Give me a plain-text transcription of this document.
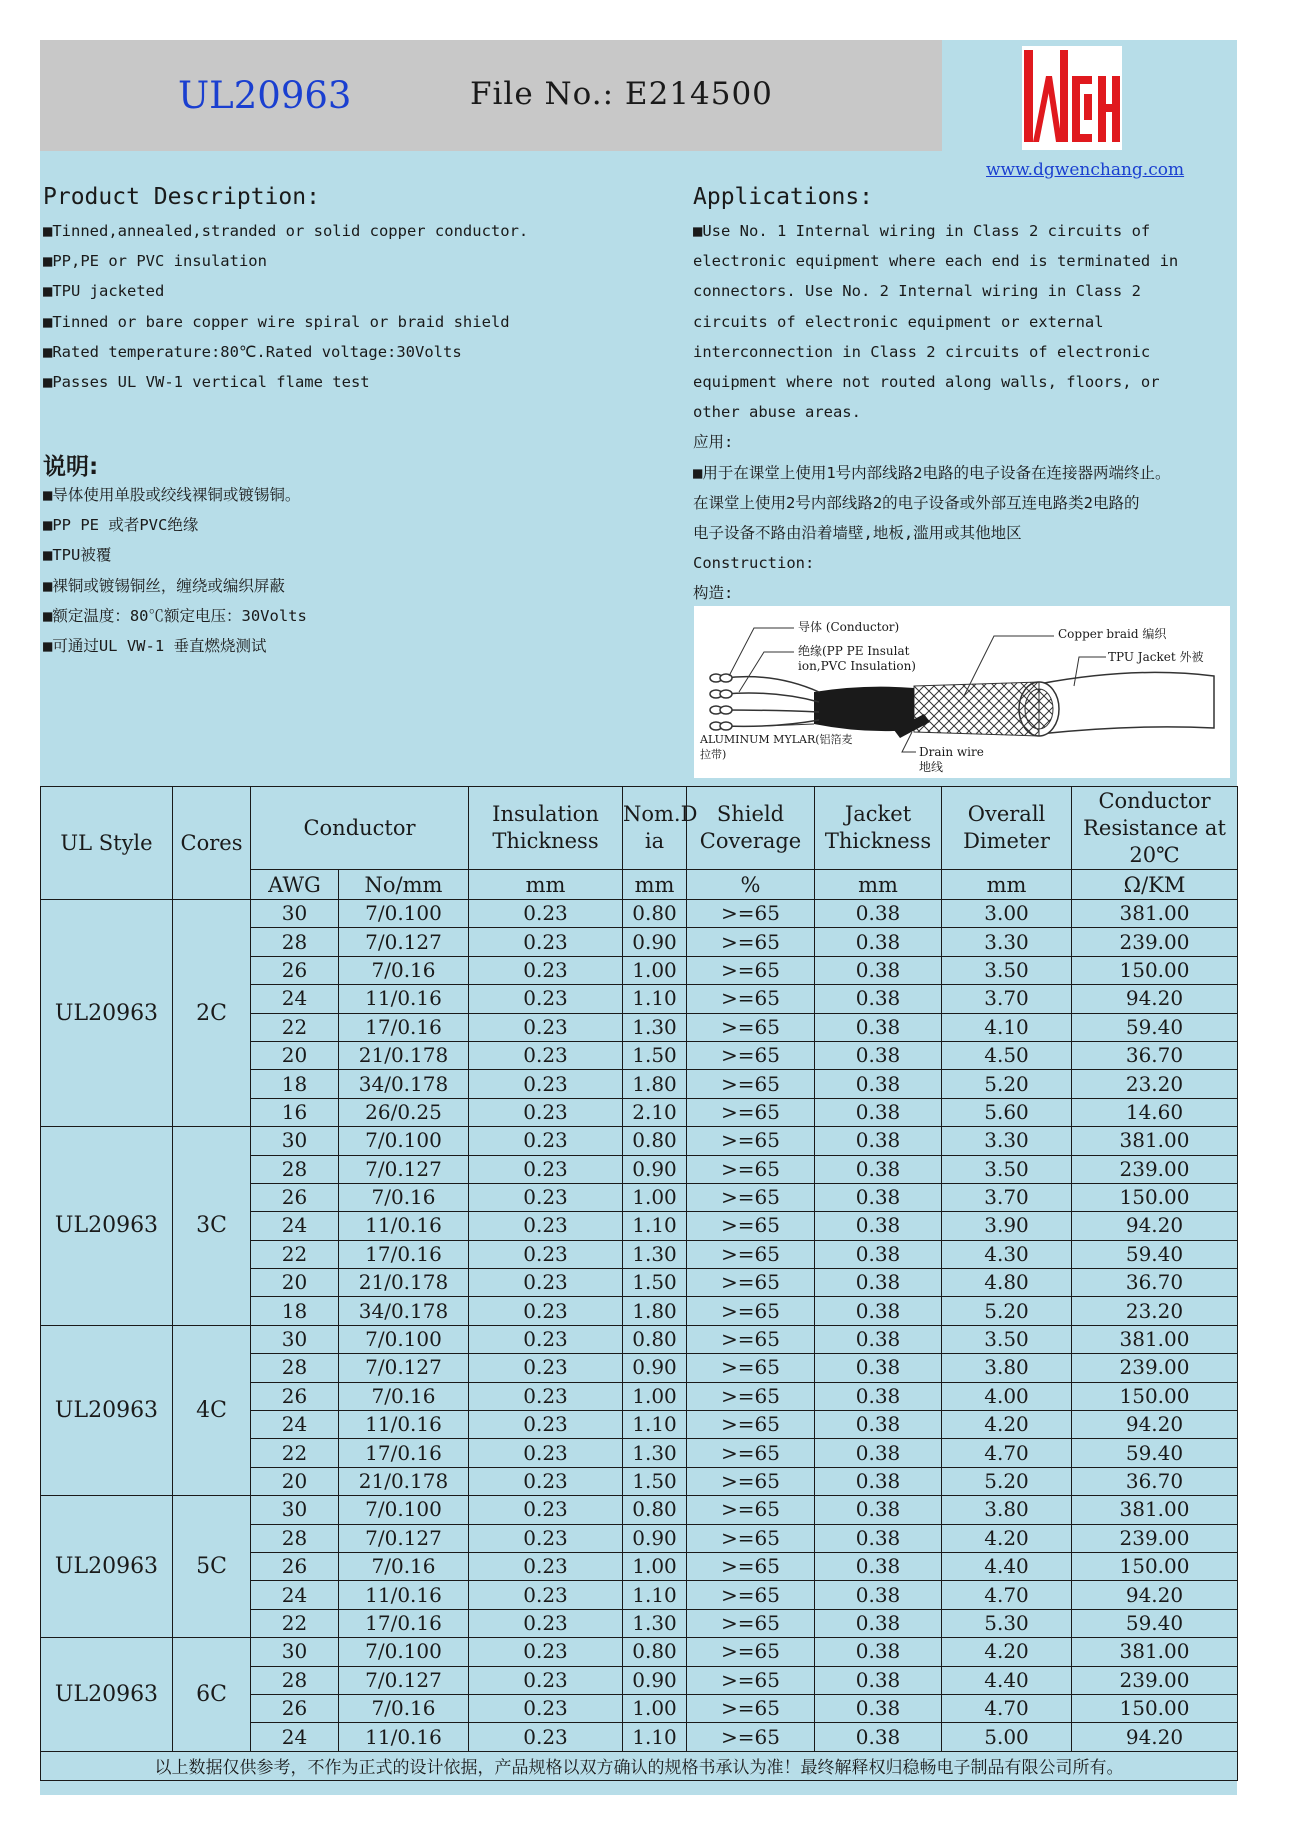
UL20963	File No.: E214500
www.dgwenchang.com
Product Description:
■Tinned,annealed,stranded or solid copper conductor.
■PP,PE or PVC insulation
■TPU jacketed
■Tinned or bare copper wire spiral or braid shield
■Rated temperature:80℃.Rated voltage:30Volts
■Passes UL VW-1 vertical flame test
说明:
■导体使用单股或绞线裸铜或镀锡铜。
■PP PE 或者PVC绝缘
■TPU被覆
■裸铜或镀锡铜丝，缠绕或编织屏蔽
■额定温度：80℃额定电压：30Volts
■可通过UL VW-1 垂直燃烧测试
Applications:
■Use No. 1 Internal wiring in Class 2 circuits of
electronic equipment where each end is terminated in
connectors. Use No. 2 Internal wiring in Class 2
circuits of electronic equipment or external
interconnection in Class 2 circuits of electronic
equipment where not routed along walls, floors, or
other abuse areas.
应用:
■用于在课堂上使用1号内部线路2电路的电子设备在连接器两端终止。
在课堂上使用2号内部线路2的电子设备或外部互连电路类2电路的
电子设备不路由沿着墙壁,地板,滥用或其他地区
Construction:
构造:
导体 (Conductor)
绝缘(PP PE Insulat
ion,PVC Insulation)
Copper braid 编织
TPU Jacket 外被
ALUMINUM MYLAR(铝箔麦
拉带)	Drain wire
地线
UL Style	Cores	Conductor		Insulation Thickness	Nom.D ia	Shield Coverage	Jacket Thickness	Overall Dimeter	Conductor Resistance at 20℃
		AWG	No/mm	mm	mm	%	mm	mm	Ω/KM
UL20963	2C	30	7/0.100	0.23	0.80	>=65	0.38	3.00	381.00
		28	7/0.127	0.23	0.90	>=65	0.38	3.30	239.00
		26	7/0.16	0.23	1.00	>=65	0.38	3.50	150.00
		24	11/0.16	0.23	1.10	>=65	0.38	3.70	94.20
		22	17/0.16	0.23	1.30	>=65	0.38	4.10	59.40
		20	21/0.178	0.23	1.50	>=65	0.38	4.50	36.70
		18	34/0.178	0.23	1.80	>=65	0.38	5.20	23.20
		16	26/0.25	0.23	2.10	>=65	0.38	5.60	14.60
UL20963	3C	30	7/0.100	0.23	0.80	>=65	0.38	3.30	381.00
		28	7/0.127	0.23	0.90	>=65	0.38	3.50	239.00
		26	7/0.16	0.23	1.00	>=65	0.38	3.70	150.00
		24	11/0.16	0.23	1.10	>=65	0.38	3.90	94.20
		22	17/0.16	0.23	1.30	>=65	0.38	4.30	59.40
		20	21/0.178	0.23	1.50	>=65	0.38	4.80	36.70
		18	34/0.178	0.23	1.80	>=65	0.38	5.20	23.20
UL20963	4C	30	7/0.100	0.23	0.80	>=65	0.38	3.50	381.00
		28	7/0.127	0.23	0.90	>=65	0.38	3.80	239.00
		26	7/0.16	0.23	1.00	>=65	0.38	4.00	150.00
		24	11/0.16	0.23	1.10	>=65	0.38	4.20	94.20
		22	17/0.16	0.23	1.30	>=65	0.38	4.70	59.40
		20	21/0.178	0.23	1.50	>=65	0.38	5.20	36.70
UL20963	5C	30	7/0.100	0.23	0.80	>=65	0.38	3.80	381.00
		28	7/0.127	0.23	0.90	>=65	0.38	4.20	239.00
		26	7/0.16	0.23	1.00	>=65	0.38	4.40	150.00
		24	11/0.16	0.23	1.10	>=65	0.38	4.70	94.20
		22	17/0.16	0.23	1.30	>=65	0.38	5.30	59.40
UL20963	6C	30	7/0.100	0.23	0.80	>=65	0.38	4.20	381.00
		28	7/0.127	0.23	0.90	>=65	0.38	4.40	239.00
		26	7/0.16	0.23	1.00	>=65	0.38	4.70	150.00
		24	11/0.16	0.23	1.10	>=65	0.38	5.00	94.20
以上数据仅供参考，不作为正式的设计依据，产品规格以双方确认的规格书承认为准！最终解释权归稳畅电子制品有限公司所有。									
